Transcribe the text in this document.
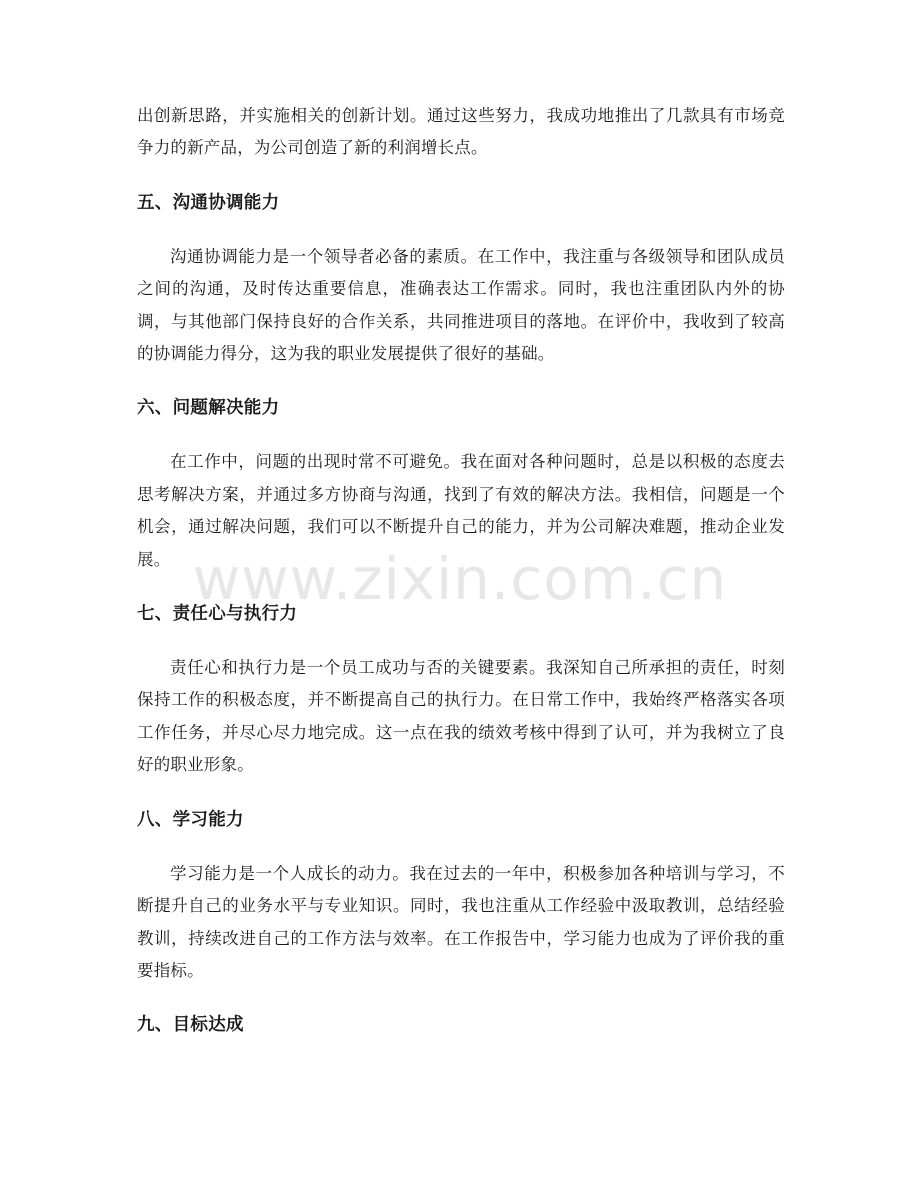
出创新思路，并实施相关的创新计划。通过这些努力，我成功地推出了几款具有市场竞争力的新产品，为公司创造了新的利润增长点。

五、沟通协调能力

沟通协调能力是一个领导者必备的素质。在工作中，我注重与各级领导和团队成员之间的沟通，及时传达重要信息，准确表达工作需求。同时，我也注重团队内外的协调，与其他部门保持良好的合作关系，共同推进项目的落地。在评价中，我收到了较高的协调能力得分，这为我的职业发展提供了很好的基础。

六、问题解决能力

在工作中，问题的出现时常不可避免。我在面对各种问题时，总是以积极的态度去思考解决方案，并通过多方协商与沟通，找到了有效的解决方法。我相信，问题是一个机会，通过解决问题，我们可以不断提升自己的能力，并为公司解决难题，推动企业发展。

七、责任心与执行力

责任心和执行力是一个员工成功与否的关键要素。我深知自己所承担的责任，时刻保持工作的积极态度，并不断提高自己的执行力。在日常工作中，我始终严格落实各项工作任务，并尽心尽力地完成。这一点在我的绩效考核中得到了认可，并为我树立了良好的职业形象。

八、学习能力

学习能力是一个人成长的动力。我在过去的一年中，积极参加各种培训与学习，不断提升自己的业务水平与专业知识。同时，我也注重从工作经验中汲取教训，总结经验教训，持续改进自己的工作方法与效率。在工作报告中，学习能力也成为了评价我的重要指标。

九、目标达成
www.zixin.com.cn
